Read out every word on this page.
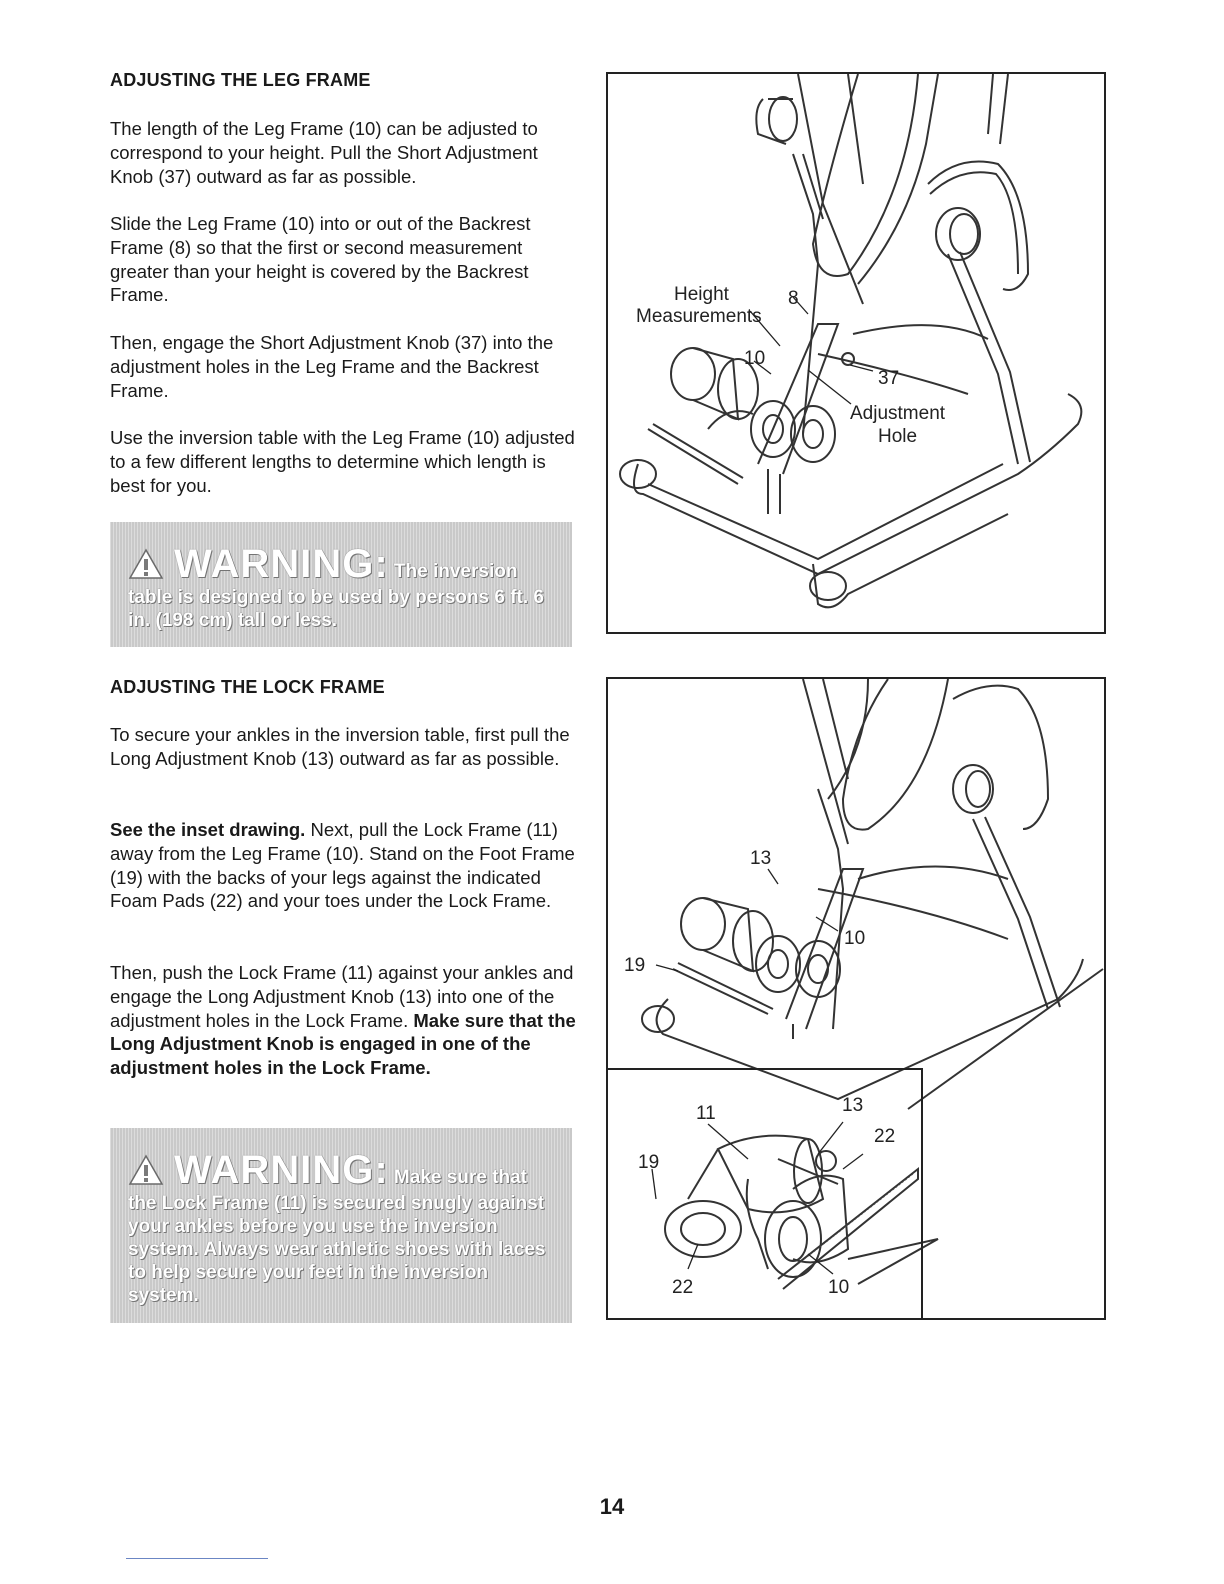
ADJUSTING THE LEG FRAME

The length of the Leg Frame (10) can be adjusted to correspond to your height. Pull the Short Adjustment Knob (37) outward as far as possible.

Slide the Leg Frame (10) into or out of the Backrest Frame (8) so that the first or second measurement greater than your height is covered by the Backrest Frame.

Then, engage the Short Adjustment Knob (37) into the adjustment holes in the Leg Frame and the Backrest Frame.

Use the inversion table with the Leg Frame (10) adjusted to a few different lengths to determine which length is best for you.

WARNING: The inversion table is designed to be used by persons 6 ft. 6 in. (198 cm) tall or less.
ADJUSTING THE LOCK FRAME

To secure your ankles in the inversion table, first pull the Long Adjustment Knob (13) outward as far as possible.

See the inset drawing. Next, pull the Lock Frame (11) away from the Leg Frame (10). Stand on the Foot Frame (19) with the backs of your legs against the indicated Foam Pads (22) and your toes under the Lock Frame.

Then, push the Lock Frame (11) against your ankles and engage the Long Adjustment Knob (13) into one of the adjustment holes in the Lock Frame. Make sure that the Long Adjustment Knob is engaged in one of the adjustment holes in the Lock Frame.

WARNING: Make sure that the Lock Frame (11) is secured snugly against your ankles before you use the inversion system. Always wear athletic shoes with laces to help secure your feet in the inversion system.
Height
Measurements
8
10
37
Adjustment
Hole
13
10
19
11	13
22
19
22	10

14
